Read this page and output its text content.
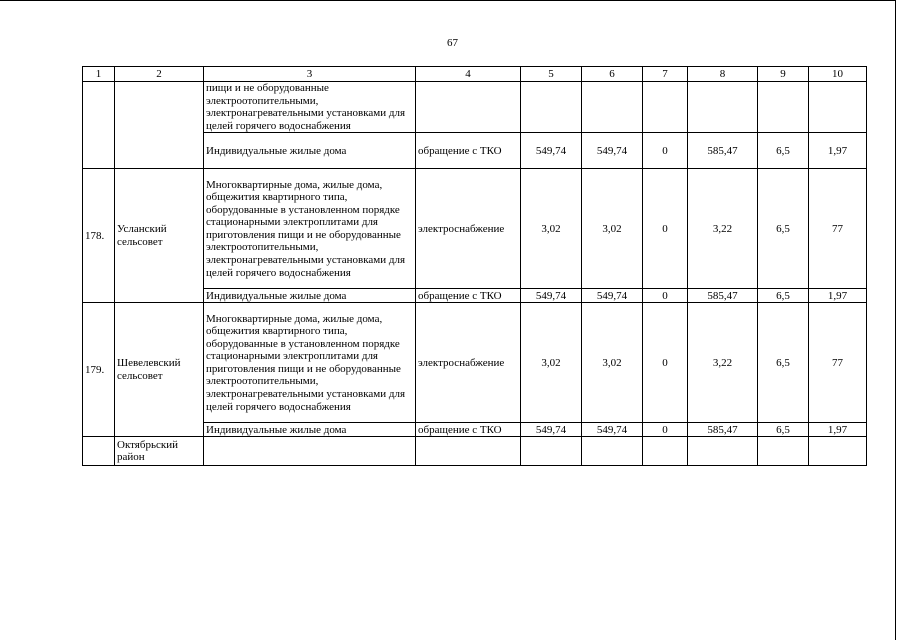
67
1	2	3	4	5	6	7	8	9	10
		пищи и не оборудованные электроотопительными, электронагревательными установками для целей горячего водоснабжения							
		Индивидуальные жилые дома	обращение с ТКО	549,74	549,74	0	585,47	6,5	1,97
178.	Усланский сельсовет	Многоквартирные дома, жилые дома, общежития квартирного типа, оборудованные в установленном порядке стационарными электроплитами для приготовления пищи и не оборудованные электроотопительными, электронагревательными установками для целей горячего водоснабжения	электроснабжение	3,02	3,02	0	3,22	6,5	77
		Индивидуальные жилые дома	обращение с ТКО	549,74	549,74	0	585,47	6,5	1,97
179.	Шевелевский сельсовет	Многоквартирные дома, жилые дома, общежития квартирного типа, оборудованные в установленном порядке стационарными электроплитами для приготовления пищи и не оборудованные электроотопительными, электронагревательными установками для целей горячего водоснабжения	электроснабжение	3,02	3,02	0	3,22	6,5	77
		Индивидуальные жилые дома	обращение с ТКО	549,74	549,74	0	585,47	6,5	1,97
	Октябрьский район								
